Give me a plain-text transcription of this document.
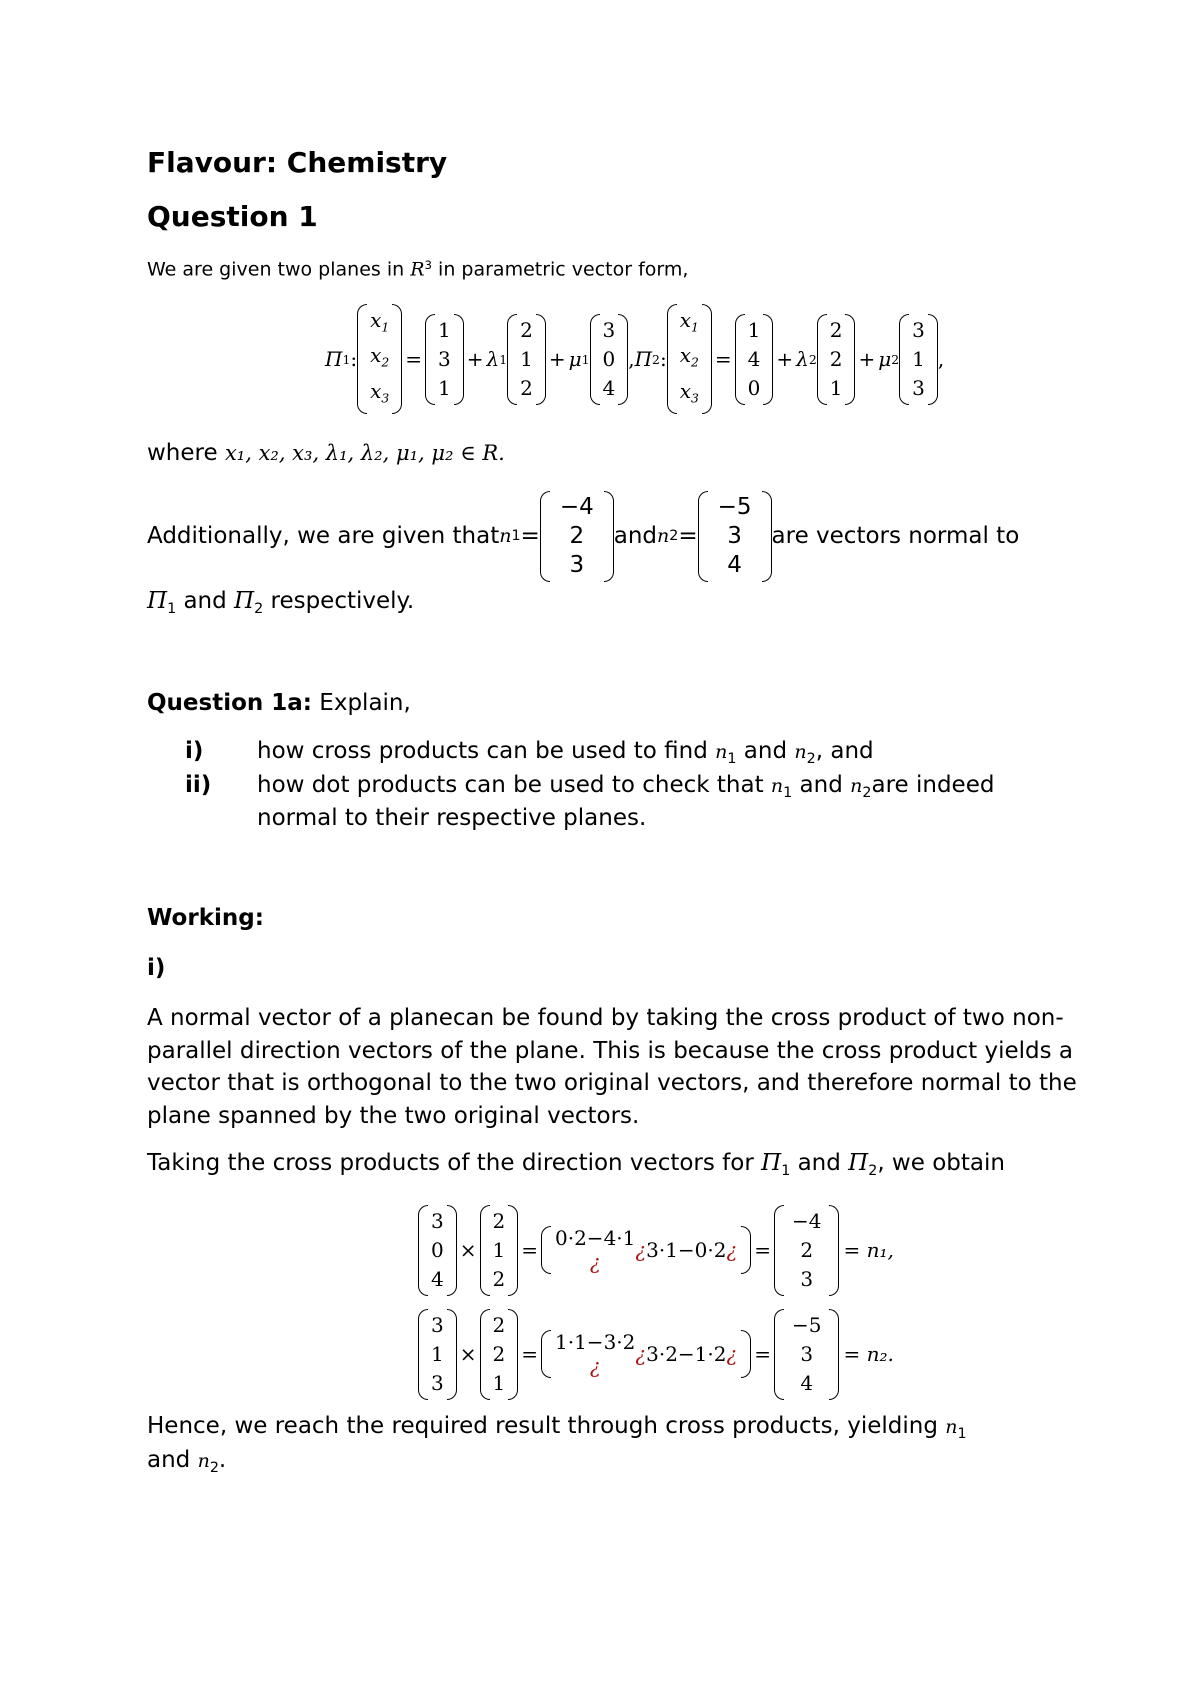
Flavour: Chemistry
Question 1
We are given two planes in $R^3$ in parametric vector form,
Π 1 :
$x_1$
$x_2$
$x_3$
=
1
3
1
+ λ 1
2
1
2
+ μ 1
3
0
4
, Π 2 :
$x_1$
$x_2$
$x_3$
=
1
4
0
+ λ 2
2
2
1
+ μ 2
3
1
3
,
where x₁, x₂, x₃, λ₁, λ₂, μ₁, μ₂ ∈ R.
Additionally, we are given that n 1 =
−4
2
3
and n 2 =
−5
3
4
are vectors normal to
$\Pi_1$ and $\Pi_2$ respectively.
Question 1a: Explain,
i) how cross products can be used to find $n_1$ and $n_2$, and
ii) how dot products can be used to check that $n_1$ and $n_2are$ indeed
normal to their respective planes.
Working:
i)
A normal vector of a planecan be found by taking the cross product of two non-parallel direction vectors of the plane. This is because the cross product yields a vector that is orthogonal to the two original vectors, and therefore normal to the plane spanned by the two original vectors.
Taking the cross products of the direction vectors for $\Pi_1$ and $\Pi_2$, we obtain
3
0
4
×
2
1
2
= 0·2−4·1
¿ ¿ 3·1−0·2 ¿ =
−4
2
3
= n₁,
3
1
3
×
2
2
1
= 1·1−3·2
¿ ¿ 3·2−1·2 ¿ =
−5
3
4
= n₂.
Hence, we reach the required result through cross products, yielding $n_1$
and $n_2$.
